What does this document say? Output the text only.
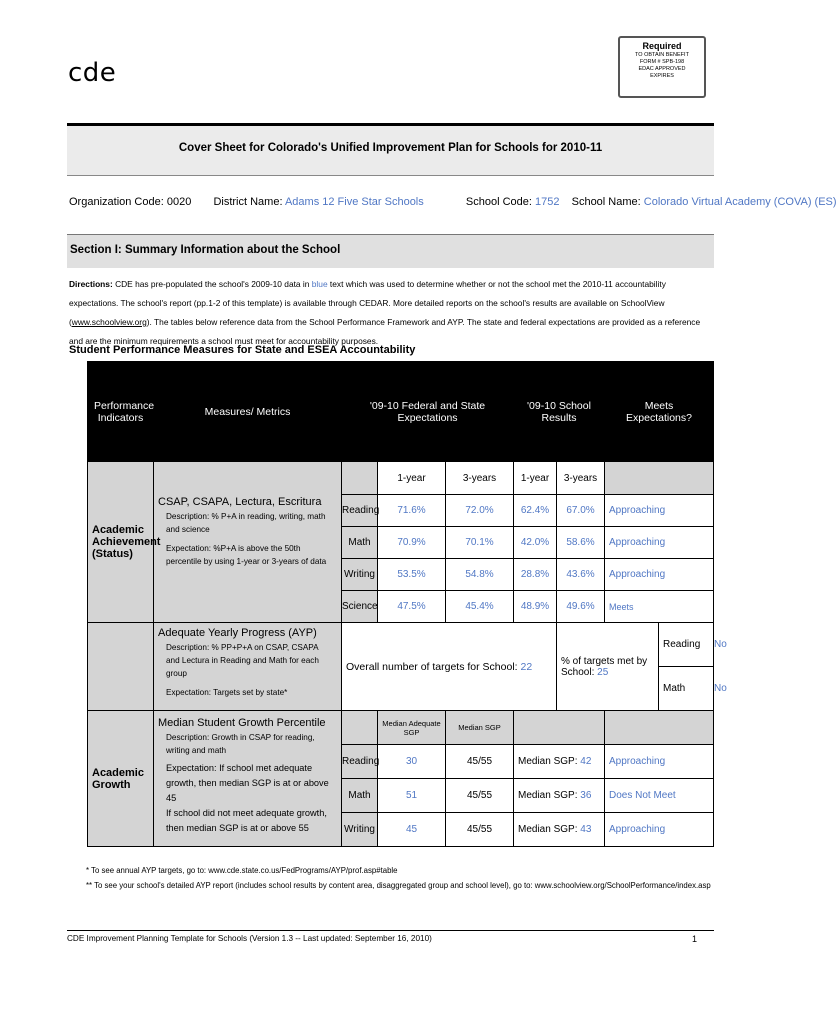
cde
Required
TO OBTAIN BENEFIT
FORM # SPB-198
EDAC APPROVED
EXPIRES
Cover Sheet for Colorado's Unified Improvement Plan for Schools for 2010-11
Organization Code: 0020 District Name: Adams 12 Five Star Schools	School Code: 1752 School Name: Colorado Virtual Academy (COVA) (ES)
Section I: Summary Information about the School
Directions: CDE has pre-populated the school's 2009-10 data in blue text which was used to determine whether or not the school met the 2010-11 accountability expectations. The school's report (pp.1-2 of this template) is available through CEDAR. More detailed reports on the school's results are available on SchoolView (www.schoolview.org). The tables below reference data from the School Performance Framework and AYP. The state and federal expectations are provided as a reference and are the minimum requirements a school must meet for accountability purposes.
Student Performance Measures for State and ESEA Accountability
Performance Indicators	Measures/ Metrics	'09-10 Federal and State Expectations			'09-10 School Results		Meets Expectations?		
Academic Achievement (Status)	CSAP, CSAPA, Lectura, Escritura
Description: % P+A in reading, writing, math and science
Expectation: %P+A is above the 50th percentile by using 1-year or 3-years of data		1-year	3-years	1-year	3-years			
		Reading	71.6%	72.0%	62.4%	67.0%	Approaching		
		Math	70.9%	70.1%	42.0%	58.6%	Approaching		
		Writing	53.5%	54.8%	28.8%	43.6%	Approaching		
		Science	47.5%	45.4%	48.9%	49.6%	Meets		

	Adequate Yearly Progress (AYP)
Description: % PP+P+A on CSAP, CSAPA and Lectura in Reading and Math for each group
Expectation: Targets set by state*	Overall number of targets for School: 22				% of targets met by School: 25		Reading	No
								Math	No
Academic Growth	Median Student Growth Percentile
Description: Growth in CSAP for reading, writing and math
Expectation: If school met adequate growth, then median SGP is at or above 45
If school did not meet adequate growth, then median SGP is at or above 55		Median Adequate SGP	Median SGP					
		Reading	30	45/55	Median SGP: 42		Approaching		
		Math	51	45/55	Median SGP: 36		Does Not Meet		
		Writing	45	45/55	Median SGP: 43		Approaching		
* To see annual AYP targets, go to: www.cde.state.co.us/FedPrograms/AYP/prof.asp#table
** To see your school's detailed AYP report (includes school results by content area, disaggregated group and school level), go to: www.schoolview.org/SchoolPerformance/index.asp
CDE Improvement Planning Template for Schools (Version 1.3 -- Last updated: September 16, 2010)	1
